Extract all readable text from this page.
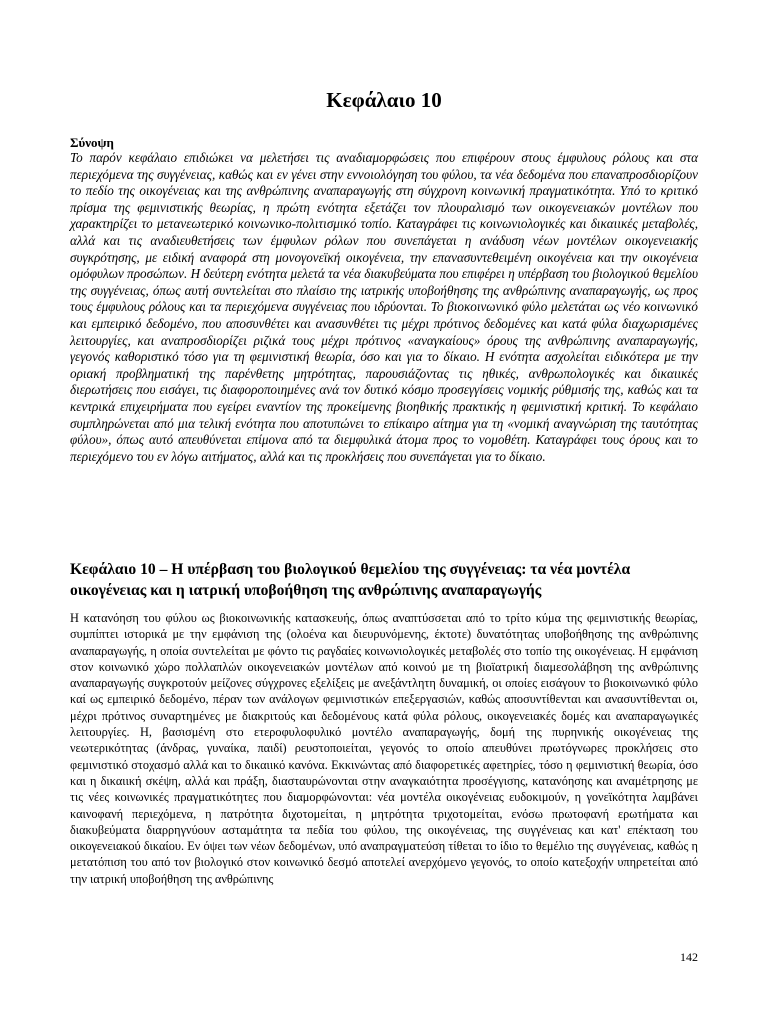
Κεφάλαιο 10
Σύνοψη
Το παρόν κεφάλαιο επιδιώκει να μελετήσει τις αναδιαμορφώσεις που επιφέρουν στους έμφυλους ρόλους και στα περιεχόμενα της συγγένειας, καθώς και εν γένει στην εννοιολόγηση του φύλου, τα νέα δεδομένα που επαναπροσδιορίζουν το πεδίο της οικογένειας και της ανθρώπινης αναπαραγωγής στη σύγχρονη κοινωνική πραγματικότητα. Υπό το κριτικό πρίσμα της φεμινιστικής θεωρίας, η πρώτη ενότητα εξετάζει τον πλουραλισμό των οικογενειακών μοντέλων που χαρακτηρίζει το μετανεωτερικό κοινωνικο-πολιτισμικό τοπίο. Καταγράφει τις κοινωνιολογικές και δικαιικές μεταβολές, αλλά και τις αναδιευθετήσεις των έμφυλων ρόλων που συνεπάγεται η ανάδυση νέων μοντέλων οικογενειακής συγκρότησης, με ειδική αναφορά στη μονογονεϊκή οικογένεια, την επανασυντεθειμένη οικογένεια και την οικογένεια ομόφυλων προσώπων. Η δεύτερη ενότητα μελετά τα νέα διακυβεύματα που επιφέρει η υπέρβαση του βιολογικού θεμελίου της συγγένειας, όπως αυτή συντελείται στο πλαίσιο της ιατρικής υποβοήθησης της ανθρώπινης αναπαραγωγής, ως προς τους έμφυλους ρόλους και τα περιεχόμενα συγγένειας που ιδρύονται. Το βιοκοινωνικό φύλο μελετάται ως νέο κοινωνικό και εμπειρικό δεδομένο, που αποσυνθέτει και ανασυνθέτει τις μέχρι πρότινος δεδομένες και κατά φύλα διαχωρισμένες λειτουργίες, και αναπροσδιορίζει ριζικά τους μέχρι πρότινος «αναγκαίους» όρους της ανθρώπινης αναπαραγωγής, γεγονός καθοριστικό τόσο για τη φεμινιστική θεωρία, όσο και για το δίκαιο. Η ενότητα ασχολείται ειδικότερα με την οριακή προβληματική της παρένθετης μητρότητας, παρουσιάζοντας τις ηθικές, ανθρωπολογικές και δικαιικές διερωτήσεις που εισάγει, τις διαφοροποιημένες ανά τον δυτικό κόσμο προσεγγίσεις νομικής ρύθμισής της, καθώς και τα κεντρικά επιχειρήματα που εγείρει εναντίον της προκείμενης βιοηθικής πρακτικής η φεμινιστική κριτική. Το κεφάλαιο συμπληρώνεται από μια τελική ενότητα που αποτυπώνει το επίκαιρο αίτημα για τη «νομική αναγνώριση της ταυτότητας φύλου», όπως αυτό απευθύνεται επίμονα από τα διεμφυλικά άτομα προς το νομοθέτη. Καταγράφει τους όρους και το περιεχόμενο του εν λόγω αιτήματος, αλλά και τις προκλήσεις που συνεπάγεται για το δίκαιο.
Κεφάλαιο 10 – Η υπέρβαση του βιολογικού θεμελίου της συγγένειας: τα νέα μοντέλα οικογένειας και η ιατρική υποβοήθηση της ανθρώπινης αναπαραγωγής
Η κατανόηση του φύλου ως βιοκοινωνικής κατασκευής, όπως αναπτύσσεται από το τρίτο κύμα της φεμινιστικής θεωρίας, συμπίπτει ιστορικά με την εμφάνιση της (ολοένα και διευρυνόμενης, έκτοτε) δυνατότητας υποβοήθησης της ανθρώπινης αναπαραγωγής, η οποία συντελείται με φόντο τις ραγδαίες κοινωνιολογικές μεταβολές στο τοπίο της οικογένειας. Η εμφάνιση στον κοινωνικό χώρο πολλαπλών οικογενειακών μοντέλων από κοινού με τη βιοϊατρική διαμεσολάβηση της ανθρώπινης αναπαραγωγής συγκροτούν μείζονες σύγχρονες εξελίξεις με ανεξάντλητη δυναμική, οι οποίες εισάγουν το βιοκοινωνικό φύλο καί ως εμπειρικό δεδομένο, πέραν των ανάλογων φεμινιστικών επεξεργασιών, καθώς αποσυντίθενται και ανασυντίθενται οι, μέχρι πρότινος συναρτημένες με διακριτούς και δεδομένους κατά φύλα ρόλους, οικογενειακές δομές και αναπαραγωγικές λειτουργίες. Η, βασισμένη στο ετεροφυλοφυλικό μοντέλο αναπαραγωγής, δομή της πυρηνικής οικογένειας της νεωτερικότητας (άνδρας, γυναίκα, παιδί) ρευστοποιείται, γεγονός το οποίο απευθύνει πρωτόγνωρες προκλήσεις στο φεμινιστικό στοχασμό αλλά και το δικαιικό κανόνα. Εκκινώντας από διαφορετικές αφετηρίες, τόσο η φεμινιστική θεωρία, όσο και η δικαιική σκέψη, αλλά και πράξη, διασταυρώνονται στην αναγκαιότητα προσέγγισης, κατανόησης και αναμέτρησης με τις νέες κοινωνικές πραγματικότητες που διαμορφώνονται: νέα μοντέλα οικογένειας ευδοκιμούν, η γονεϊκότητα λαμβάνει καινοφανή περιεχόμενα, η πατρότητα διχοτομείται, η μητρότητα τριχοτομείται, ενόσω πρωτοφανή ερωτήματα και διακυβεύματα διαρρηγνύουν ασταμάτητα τα πεδία του φύλου, της οικογένειας, της συγγένειας και κατ' επέκταση του οικογενειακού δικαίου. Εν όψει των νέων δεδομένων, υπό αναπραγματεύση τίθεται το ίδιο το θεμέλιο της συγγένειας, καθώς η μετατόπιση του από τον βιολογικό στον κοινωνικό δεσμό αποτελεί ανερχόμενο γεγονός, το οποίο κατεξοχήν υπηρετείται από την ιατρική υποβοήθηση της ανθρώπινης
142
